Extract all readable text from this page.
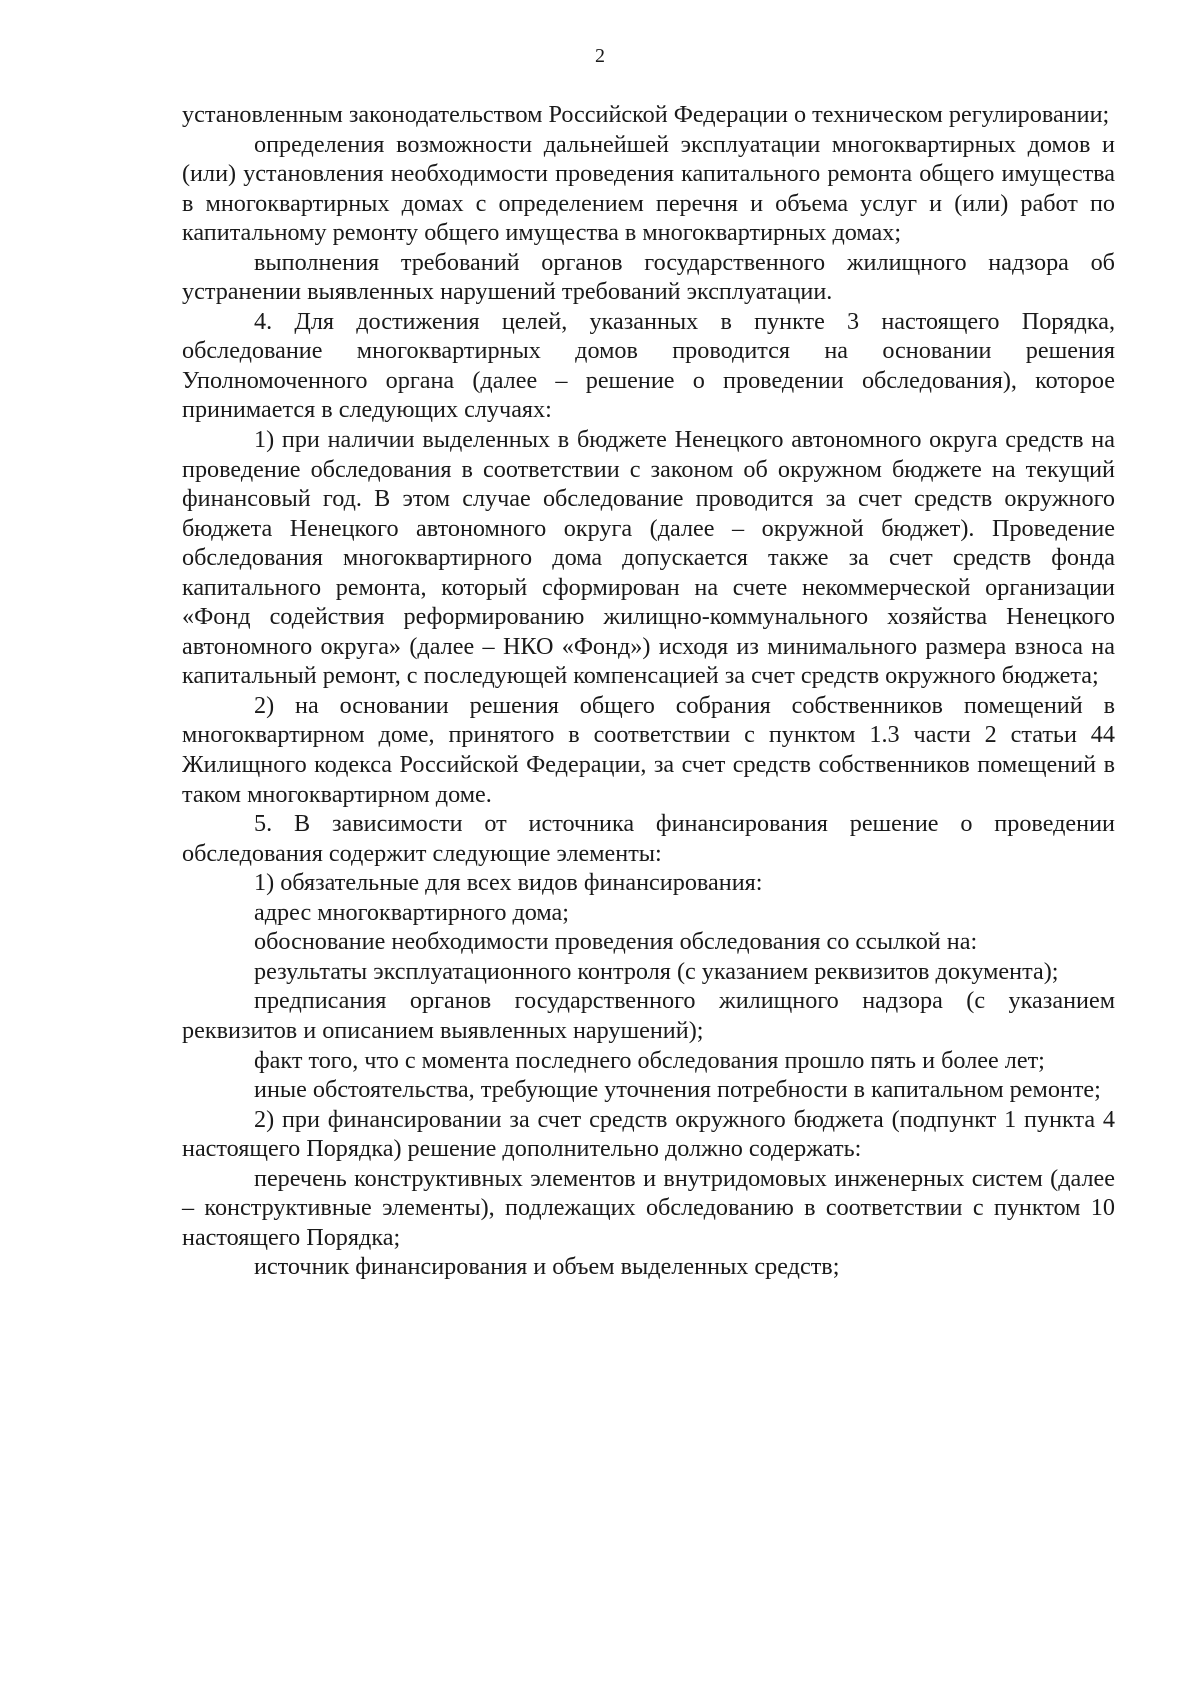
2

установленным законодательством Российской Федерации о техническом регулировании;

определения возможности дальнейшей эксплуатации многоквартирных домов и (или) установления необходимости проведения капитального ремонта общего имущества в многоквартирных домах с определением перечня и объема услуг и (или) работ по капитальному ремонту общего имущества в многоквартирных домах;

выполнения требований органов государственного жилищного надзора об устранении выявленных нарушений требований эксплуатации.

4. Для достижения целей, указанных в пункте 3 настоящего Порядка, обследование многоквартирных домов проводится на основании решения Уполномоченного органа (далее – решение о проведении обследования), которое принимается в следующих случаях:

1) при наличии выделенных в бюджете Ненецкого автономного округа средств на проведение обследования в соответствии с законом об окружном бюджете на текущий финансовый год. В этом случае обследование проводится за счет средств окружного бюджета Ненецкого автономного округа (далее – окружной бюджет). Проведение обследования многоквартирного дома допускается также за счет средств фонда капитального ремонта, который сформирован на счете некоммерческой организации «Фонд содействия реформированию жилищно-коммунального хозяйства Ненецкого автономного округа» (далее – НКО «Фонд») исходя из минимального размера взноса на капитальный ремонт, с последующей компенсацией за счет средств окружного бюджета;

2) на основании решения общего собрания собственников помещений в многоквартирном доме, принятого в соответствии с пунктом 1.3 части 2 статьи 44 Жилищного кодекса Российской Федерации, за счет средств собственников помещений в таком многоквартирном доме.

5. В зависимости от источника финансирования решение о проведении обследования содержит следующие элементы:

1) обязательные для всех видов финансирования:

адрес многоквартирного дома;

обоснование необходимости проведения обследования со ссылкой на:

результаты эксплуатационного контроля (с указанием реквизитов документа);

предписания органов государственного жилищного надзора (с указанием реквизитов и описанием выявленных нарушений);

факт того, что с момента последнего обследования прошло пять и более лет;

иные обстоятельства, требующие уточнения потребности в капитальном ремонте;

2) при финансировании за счет средств окружного бюджета (подпункт 1 пункта 4 настоящего Порядка) решение дополнительно должно содержать:

перечень конструктивных элементов и внутридомовых инженерных систем (далее – конструктивные элементы), подлежащих обследованию в соответствии с пунктом 10 настоящего Порядка;

источник финансирования и объем выделенных средств;
